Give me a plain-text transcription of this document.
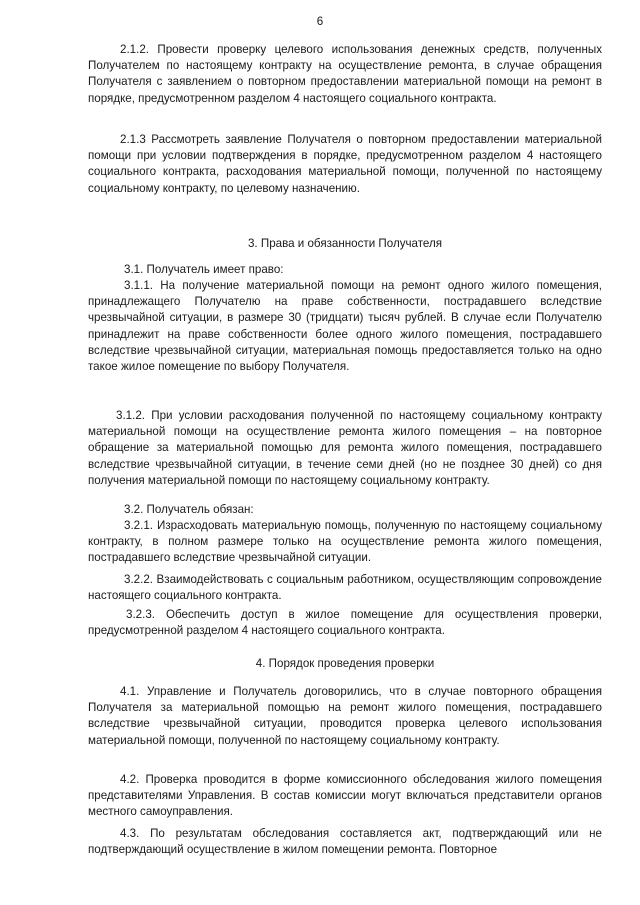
6

2.1.2. Провести проверку целевого использования денежных средств, полученных Получателем по настоящему контракту на осуществление ремонта, в случае обращения Получателя с заявлением о повторном предоставлении материальной помощи на ремонт в порядке, предусмотренном разделом 4 настоящего социального контракта.

2.1.3 Рассмотреть заявление Получателя о повторном предоставлении материальной помощи при условии подтверждения в порядке, предусмотренном разделом 4 настоящего социального контракта, расходования материальной помощи, полученной по настоящему социальному контракту, по целевому назначению.

3. Права и обязанности Получателя

3.1. Получатель имеет право:

3.1.1. На получение материальной помощи на ремонт одного жилого помещения, принадлежащего Получателю на праве собственности, пострадавшего вследствие чрезвычайной ситуации, в размере 30 (тридцати) тысяч рублей. В случае если Получателю принадлежит на праве собственности более одного жилого помещения, пострадавшего вследствие чрезвычайной ситуации, материальная помощь предоставляется только на одно такое жилое помещение по выбору Получателя.

3.1.2. При условии расходования полученной по настоящему социальному контракту материальной помощи на осуществление ремонта жилого помещения – на повторное обращение за материальной помощью для ремонта жилого помещения, пострадавшего вследствие чрезвычайной ситуации, в течение семи дней (но не позднее 30 дней) со дня получения материальной помощи по настоящему социальному контракту.

3.2. Получатель обязан:

3.2.1. Израсходовать материальную помощь, полученную по настоящему социальному контракту, в полном размере только на осуществление ремонта жилого помещения, пострадавшего вследствие чрезвычайной ситуации.

3.2.2. Взаимодействовать с социальным работником, осуществляющим сопровождение настоящего социального контракта.

3.2.3. Обеспечить доступ в жилое помещение для осуществления проверки, предусмотренной разделом 4 настоящего социального контракта.

4. Порядок проведения проверки

4.1. Управление и Получатель договорились, что в случае повторного обращения Получателя за материальной помощью на ремонт жилого помещения, пострадавшего вследствие чрезвычайной ситуации, проводится проверка целевого использования материальной помощи, полученной по настоящему социальному контракту.

4.2. Проверка проводится в форме комиссионного обследования жилого помещения представителями Управления. В состав комиссии могут включаться представители органов местного самоуправления.

4.3. По результатам обследования составляется акт, подтверждающий или не подтверждающий осуществление в жилом помещении ремонта. Повторное
